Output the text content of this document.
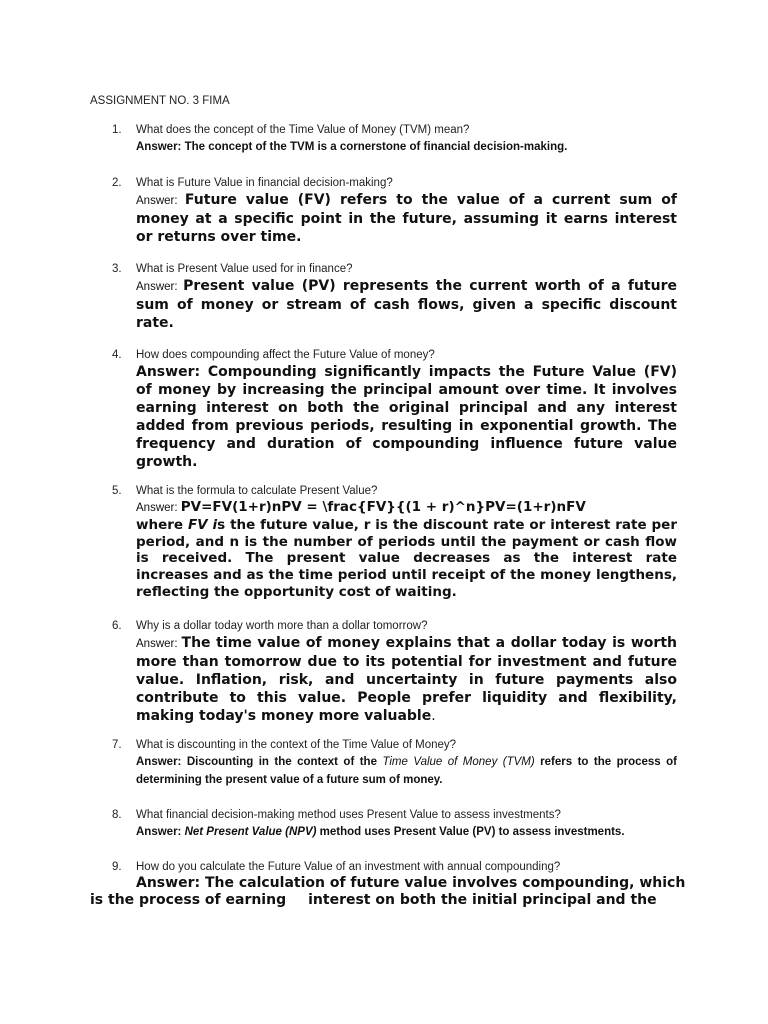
ASSIGNMENT NO. 3 FIMA
1. What does the concept of the Time Value of Money (TVM) mean?
Answer: The concept of the TVM is a cornerstone of financial decision-making.
2. What is Future Value in financial decision-making?
Answer: Future value (FV) refers to the value of a current sum of money at a specific point in the future, assuming it earns interest or returns over time.
3. What is Present Value used for in finance?
Answer: Present value (PV) represents the current worth of a future sum of money or stream of cash flows, given a specific discount rate.
4. How does compounding affect the Future Value of money?
Answer: Compounding significantly impacts the Future Value (FV) of money by increasing the principal amount over time. It involves earning interest on both the original principal and any interest added from previous periods, resulting in exponential growth. The frequency and duration of compounding influence future value growth.
5. What is the formula to calculate Present Value?
Answer: PV=FV(1+r)nPV = \frac{FV}{(1 + r)^n}PV=(1+r)nFV
where FV is the future value, r is the discount rate or interest rate per period, and n is the number of periods until the payment or cash flow is received. The present value decreases as the interest rate increases and as the time period until receipt of the money lengthens, reflecting the opportunity cost of waiting.
6. Why is a dollar today worth more than a dollar tomorrow?
Answer: The time value of money explains that a dollar today is worth more than tomorrow due to its potential for investment and future value. Inflation, risk, and uncertainty in future payments also contribute to this value. People prefer liquidity and flexibility, making today's money more valuable.
7. What is discounting in the context of the Time Value of Money?
Answer: Discounting in the context of the Time Value of Money (TVM) refers to the process of determining the present value of a future sum of money.
8. What financial decision-making method uses Present Value to assess investments?
Answer: Net Present Value (NPV) method uses Present Value (PV) to assess investments.
9. How do you calculate the Future Value of an investment with annual compounding?
Answer: The calculation of future value involves compounding, which
is the process of earning interest on both the initial principal and the
